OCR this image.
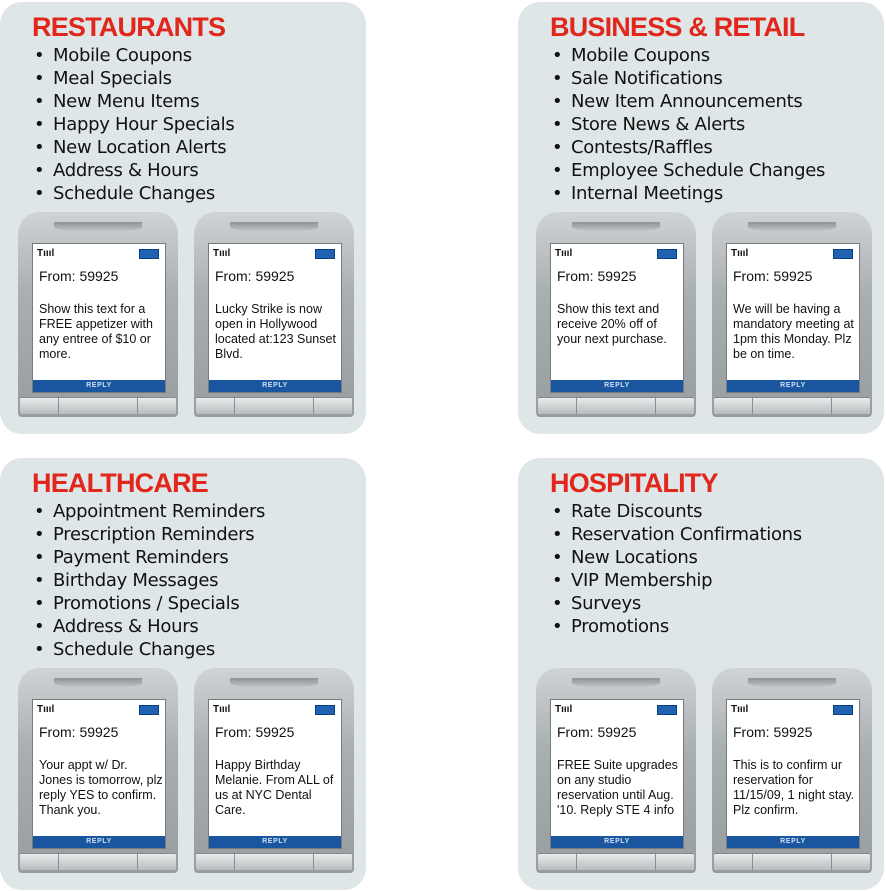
RESTAURANTS
• Mobile Coupons
• Meal Specials
• New Menu Items
• Happy Hour Specials
• New Location Alerts
• Address & Hours
• Schedule Changes
Tıııl
From: 59925
Show this text for a FREE appetizer with any entree of $10 or more.
REPLY
Tıııl
From: 59925
Lucky Strike is now open in Hollywood located at:123 Sunset Blvd.
REPLY
BUSINESS & RETAIL
• Mobile Coupons
• Sale Notifications
• New Item Announcements
• Store News & Alerts
• Contests/Raffles
• Employee Schedule Changes
• Internal Meetings
Tıııl
From: 59925
Show this text and receive 20% off of your next purchase.
REPLY
Tıııl
From: 59925
We will be having a mandatory meeting at 1pm this Monday. Plz be on time.
REPLY
HEALTHCARE
• Appointment Reminders
• Prescription Reminders
• Payment Reminders
• Birthday Messages
• Promotions / Specials
• Address & Hours
• Schedule Changes
Tıııl
From: 59925
Your appt w/ Dr. Jones is tomorrow, plz reply YES to confirm. Thank you.
REPLY
Tıııl
From: 59925
Happy Birthday Melanie. From ALL of us at NYC Dental Care.
REPLY
HOSPITALITY
• Rate Discounts
• Reservation Confirmations
• New Locations
• VIP Membership
• Surveys
• Promotions
Tıııl
From: 59925
FREE Suite upgrades on any studio reservation until Aug. '10. Reply STE 4 info
REPLY
Tıııl
From: 59925
This is to confirm ur reservation for 11/15/09, 1 night stay. Plz confirm.
REPLY
